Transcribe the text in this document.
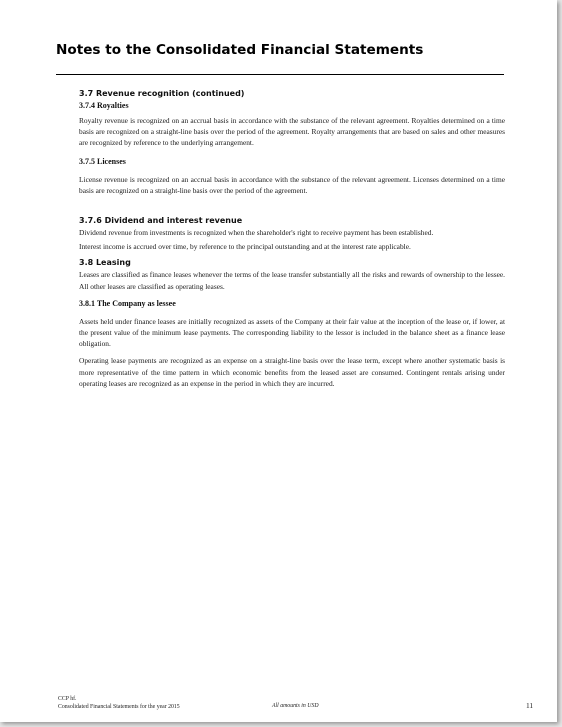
Notes to the Consolidated Financial Statements
3.7 Revenue recognition (continued)
3.7.4 Royalties

Royalty revenue is recognized on an accrual basis in accordance with the substance of the relevant agreement. Royalties determined on a time basis are recognized on a straight-line basis over the period of the agreement. Royalty arrangements that are based on sales and other measures are recognized by reference to the underlying arrangement.

3.7.5 Licenses

License revenue is recognized on an accrual basis in accordance with the substance of the relevant agreement. Licenses determined on a time basis are recognized on a straight-line basis over the period of the agreement.

3.7.6 Dividend and interest revenue

Dividend revenue from investments is recognized when the shareholder's right to receive payment has been established.

Interest income is accrued over time, by reference to the principal outstanding and at the interest rate applicable.

3.8 Leasing

Leases are classified as finance leases whenever the terms of the lease transfer substantially all the risks and rewards of ownership to the lessee. All other leases are classified as operating leases.

3.8.1 The Company as lessee

Assets held under finance leases are initially recognized as assets of the Company at their fair value at the inception of the lease or, if lower, at the present value of the minimum lease payments. The corresponding liability to the lessor is included in the balance sheet as a finance lease obligation.

Operating lease payments are recognized as an expense on a straight-line basis over the lease term, except where another systematic basis is more representative of the time pattern in which economic benefits from the leased asset are consumed. Contingent rentals arising under operating leases are recognized as an expense in the period in which they are incurred.

CCP hf.
Consolidated Financial Statements for the year 2015	All amounts in USD	11
